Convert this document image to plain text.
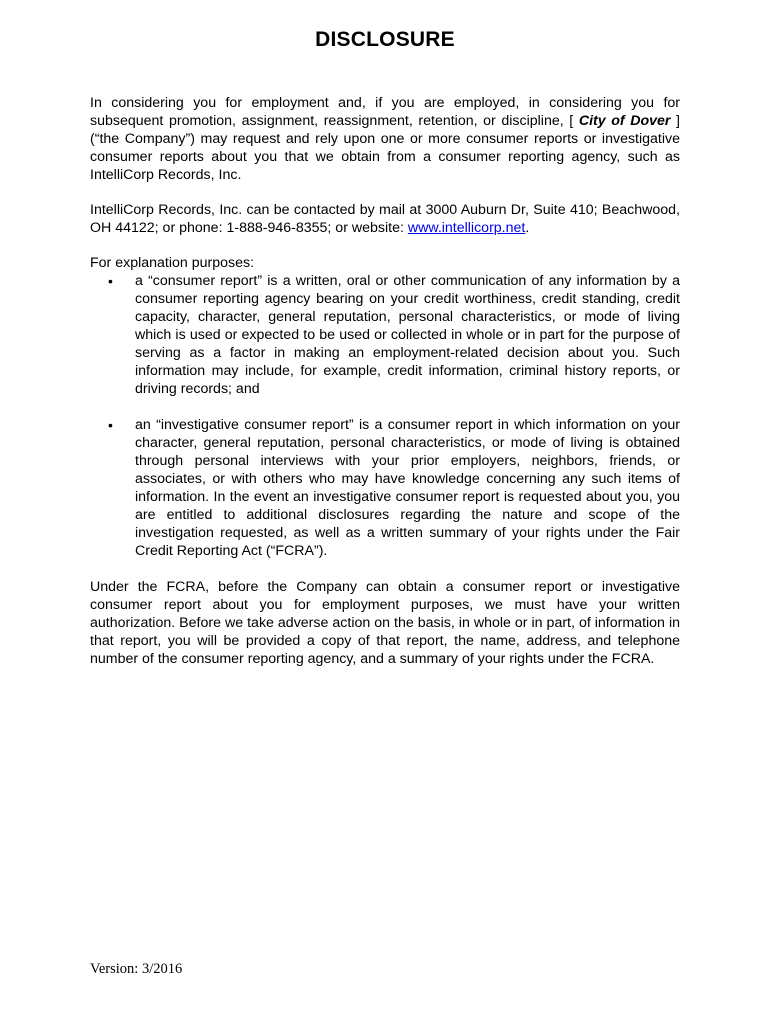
DISCLOSURE
In considering you for employment and, if you are employed, in considering you for subsequent promotion, assignment, reassignment, retention, or discipline, [ City of Dover ] (“the Company”) may request and rely upon one or more consumer reports or investigative consumer reports about you that we obtain from a consumer reporting agency, such as IntelliCorp Records, Inc.
IntelliCorp Records, Inc. can be contacted by mail at 3000 Auburn Dr, Suite 410; Beachwood, OH 44122; or phone: 1-888-946-8355; or website: www.intellicorp.net.
For explanation purposes:
• a “consumer report” is a written, oral or other communication of any information by a consumer reporting agency bearing on your credit worthiness, credit standing, credit capacity, character, general reputation, personal characteristics, or mode of living which is used or expected to be used or collected in whole or in part for the purpose of serving as a factor in making an employment-related decision about you. Such information may include, for example, credit information, criminal history reports, or driving records; and
• an “investigative consumer report” is a consumer report in which information on your character, general reputation, personal characteristics, or mode of living is obtained through personal interviews with your prior employers, neighbors, friends, or associates, or with others who may have knowledge concerning any such items of information. In the event an investigative consumer report is requested about you, you are entitled to additional disclosures regarding the nature and scope of the investigation requested, as well as a written summary of your rights under the Fair Credit Reporting Act (“FCRA”).
Under the FCRA, before the Company can obtain a consumer report or investigative consumer report about you for employment purposes, we must have your written authorization. Before we take adverse action on the basis, in whole or in part, of information in that report, you will be provided a copy of that report, the name, address, and telephone number of the consumer reporting agency, and a summary of your rights under the FCRA.
Version: 3/2016
